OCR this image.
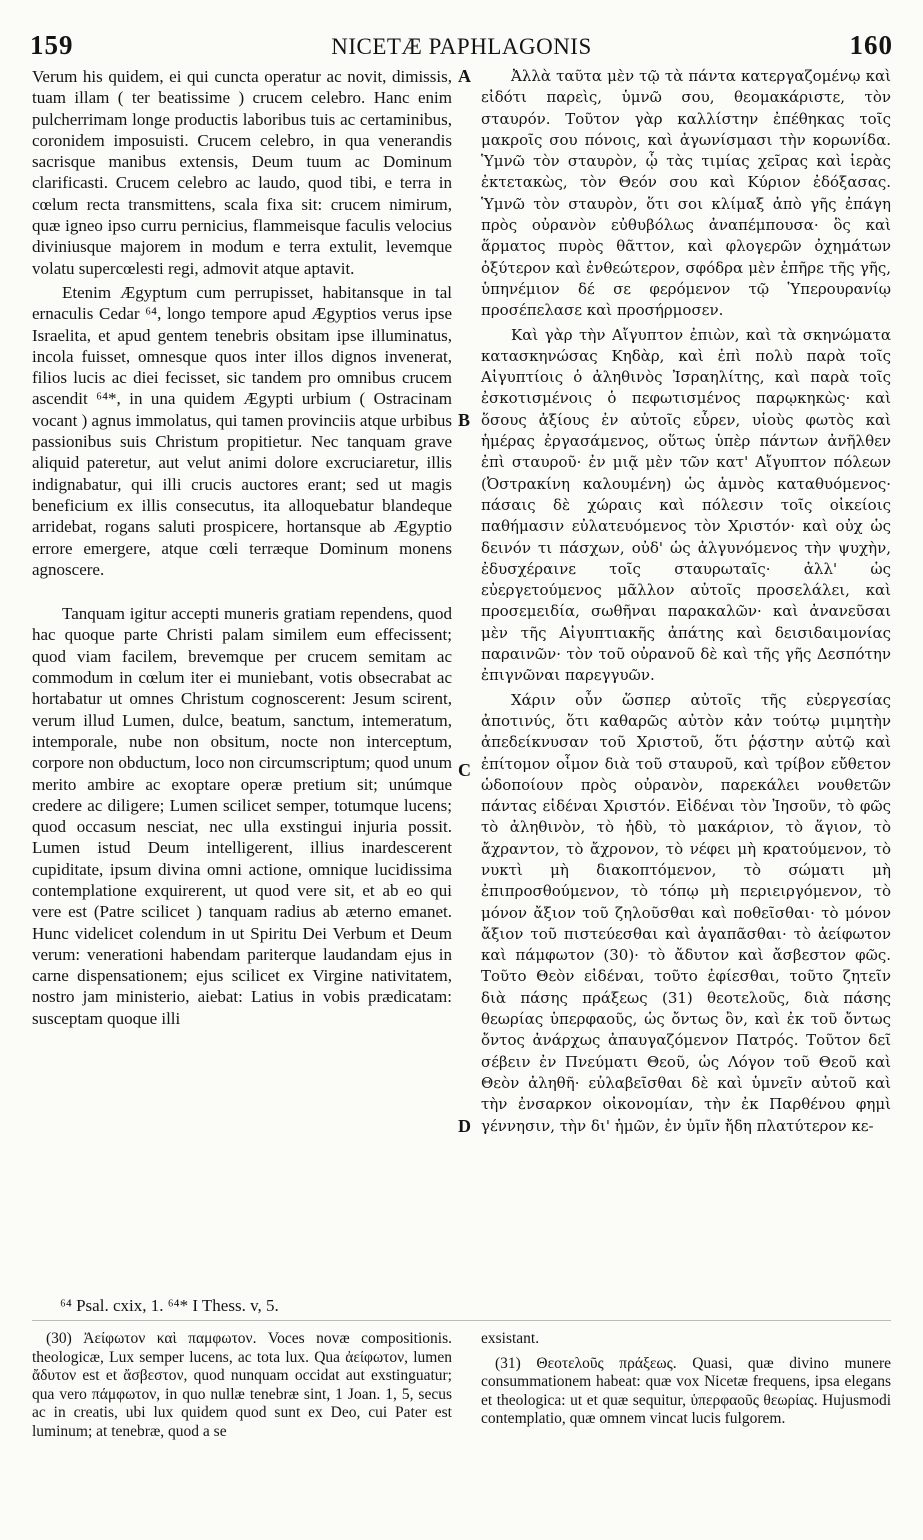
159	NICETÆ PAPHLAGONIS	160
A
B
C
D

Verum his quidem, ei qui cuncta operatur ac novit, dimissis, tuam illam ( ter beatissime ) crucem celebro. Hanc enim pulcherrimam longe productis laboribus tuis ac certaminibus, coronidem imposuisti. Crucem celebro, in qua venerandis sacrisque manibus extensis, Deum tuum ac Dominum clarificasti. Crucem celebro ac laudo, quod tibi, e terra in cœlum recta transmittens, scala fixa sit: crucem nimirum, quæ igneo ipso curru pernicius, flammeisque faculis velocius diviniusque majorem in modum e terra extulit, levemque volatu supercœlesti regi, admovit atque aptavit.

Etenim Ægyptum cum perrupisset, habitansque in tal ernaculis Cedar ⁶⁴, longo tempore apud Ægyptios verus ipse Israelita, et apud gentem tenebris obsitam ipse illuminatus, incola fuisset, omnesque quos inter illos dignos invenerat, filios lucis ac diei fecisset, sic tandem pro omnibus crucem ascendit ⁶⁴*, in una quidem Ægypti urbium ( Ostracinam vocant ) agnus immolatus, qui tamen provinciis atque urbibus passionibus suis Christum propitietur. Nec tanquam grave aliquid pateretur, aut velut animi dolore excruciaretur, illis indignabatur, qui illi crucis auctores erant; sed ut magis beneficium ex illis consecutus, ita alloquebatur blandeque arridebat, rogans saluti prospicere, hortansque ab Ægyptio errore emergere, atque cœli terræque Dominum monens agnoscere.

Tanquam igitur accepti muneris gratiam rependens, quod hac quoque parte Christi palam similem eum effecissent; quod viam facilem, brevemque per crucem semitam ac commodum in cœlum iter ei muniebant, votis obsecrabat ac hortabatur ut omnes Christum cognoscerent: Jesum scirent, verum illud Lumen, dulce, beatum, sanctum, intemeratum, intemporale, nube non obsitum, nocte non interceptum, corpore non obductum, loco non circumscriptum; quod unum merito ambire ac exoptare operæ pretium sit; unúmque credere ac diligere; Lumen scilicet semper, totumque lucens; quod occasum nesciat, nec ulla exstingui injuria possit. Lumen istud Deum intelligerent, illius inardescerent cupiditate, ipsum divina omni actione, omnique lucidissima contemplatione exquirerent, ut quod vere sit, et ab eo qui vere est (Patre scilicet ) tanquam radius ab æterno emanet. Hunc videlicet colendum in ut Spiritu Dei Verbum et Deum verum: venerationi habendam pariterque laudandam ejus in carne dispensationem; ejus scilicet ex Virgine nativitatem, nostro jam ministerio, aiebat: Latius in vobis prædicatam: susceptam quoque illi

Ἀλλὰ ταῦτα μὲν τῷ τὰ πάντα κατεργαζομένῳ καὶ εἰδότι παρεὶς, ὑμνῶ σου, θεομακάριστε, τὸν σταυρόν. Τοῦτον γὰρ καλλίστην ἐπέθηκας τοῖς μακροῖς σου πόνοις, καὶ ἀγωνίσμασι τὴν κορωνίδα. Ὑμνῶ τὸν σταυρὸν, ᾧ τὰς τιμίας χεῖρας καὶ ἱερὰς ἐκτετακὼς, τὸν Θεόν σου καὶ Κύριον ἐδόξασας. Ὑμνῶ τὸν σταυρὸν, ὅτι σοι κλίμαξ ἀπὸ γῆς ἐπάγη πρὸς οὐρανὸν εὐθυβόλως ἀναπέμπουσα· ὃς καὶ ἅρματος πυρὸς θᾶττον, καὶ φλογερῶν ὀχημάτων ὀξύτερον καὶ ἐνθεώτερον, σφόδρα μὲν ἐπῆρε τῆς γῆς, ὑπηνέμιον δέ σε φερόμενον τῷ Ὑπερουρανίῳ προσέπελασε καὶ προσήρμοσεν.

Καὶ γὰρ τὴν Αἴγυπτον ἐπιὼν, καὶ τὰ σκηνώματα κατασκηνώσας Κηδὰρ, καὶ ἐπὶ πολὺ παρὰ τοῖς Αἰγυπτίοις ὁ ἀληθινὸς Ἰσραηλίτης, καὶ παρὰ τοῖς ἐσκοτισμένοις ὁ πεφωτισμένος παρῳκηκὼς· καὶ ὅσους ἀξίους ἐν αὐτοῖς εὗρεν, υἱοὺς φωτὸς καὶ ἡμέρας ἐργασάμενος, οὕτως ὑπὲρ πάντων ἀνῆλθεν ἐπὶ σταυροῦ· ἐν μιᾷ μὲν τῶν κατ' Αἴγυπτον πόλεων (Ὀστρακίνη καλουμένη) ὡς ἀμνὸς καταθυόμενος· πάσαις δὲ χώραις καὶ πόλεσιν τοῖς οἰκείοις παθήμασιν εὐλατευόμενος τὸν Χριστόν· καὶ οὐχ ὡς δεινόν τι πάσχων, οὐδ' ὡς ἀλγυνόμενος τὴν ψυχὴν, ἐδυσχέραινε τοῖς σταυρωταῖς· ἀλλ' ὡς εὐεργετούμενος μᾶλλον αὐτοῖς προσελάλει, καὶ προσεμειδία, σωθῆναι παρακαλῶν· καὶ ἀνανεῦσαι μὲν τῆς Αἰγυπτιακῆς ἀπάτης καὶ δεισιδαιμονίας παραινῶν· τὸν τοῦ οὐρανοῦ δὲ καὶ τῆς γῆς Δεσπότην ἐπιγνῶναι παρεγγυῶν.

Χάριν οὖν ὥσπερ αὐτοῖς τῆς εὐεργεσίας ἀποτινύς, ὅτι καθαρῶς αὐτὸν κἀν τούτῳ μιμητὴν ἀπεδείκνυσαν τοῦ Χριστοῦ, ὅτι ῥᾴστην αὐτῷ καὶ ἐπίτομον οἶμον διὰ τοῦ σταυροῦ, καὶ τρίβον εὔθετον ὡδοποίουν πρὸς οὐρανὸν, παρεκάλει νουθετῶν πάντας εἰδέναι Χριστόν. Εἰδέναι τὸν Ἰησοῦν, τὸ φῶς τὸ ἀληθινὸν, τὸ ἡδὺ, τὸ μακάριον, τὸ ἅγιον, τὸ ἄχραντον, τὸ ἄχρονον, τὸ νέφει μὴ κρατούμενον, τὸ νυκτὶ μὴ διακοπτόμενον, τὸ σώματι μὴ ἐπιπροσθούμενον, τὸ τόπῳ μὴ περιειργόμενον, τὸ μόνον ἄξιον τοῦ ζηλοῦσθαι καὶ ποθεῖσθαι· τὸ μόνον ἄξιον τοῦ πιστεύεσθαι καὶ ἀγαπᾶσθαι· τὸ ἀείφωτον καὶ πάμφωτον (30)· τὸ ἄδυτον καὶ ἄσβεστον φῶς. Τοῦτο Θεὸν εἰδέναι, τοῦτο ἐφίεσθαι, τοῦτο ζητεῖν διὰ πάσης πράξεως (31) θεοτελοῦς, διὰ πάσης θεωρίας ὑπερφαοῦς, ὡς ὄντως ὂν, καὶ ἐκ τοῦ ὄντως ὄντος ἀνάρχως ἀπαυγαζόμενον Πατρός. Τοῦτον δεῖ σέβειν ἐν Πνεύματι Θεοῦ, ὡς Λόγον τοῦ Θεοῦ καὶ Θεὸν ἀληθῆ· εὐλαβεῖσθαι δὲ καὶ ὑμνεῖν αὐτοῦ καὶ τὴν ἐνσαρκον οἰκονομίαν, τὴν ἐκ Παρθένου φημὶ γέννησιν, τὴν δι' ἡμῶν, ἐν ὑμῖν ἤδη πλατύτερον κε-

⁶⁴ Psal. cxix, 1. ⁶⁴* I Thess. v, 5.

(30) Ἀείφωτον καὶ παμφωτον. Voces novæ compositionis. theologicæ, Lux semper lucens, ac tota lux. Qua ἀείφωτον, lumen ἄδυτον est et ἄσβεστον, quod nunquam occidat aut exstinguatur; qua vero πάμφωτον, in quo nullæ tenebræ sint, 1 Joan. 1, 5, secus ac in creatis, ubi lux quidem quod sunt ex Deo, cui Pater est luminum; at tenebræ, quod a se

exsistant.

(31) Θεοτελοῦς πράξεως. Quasi, quæ divino munere consummationem habeat: quæ vox Nicetæ frequens, ipsa elegans et theologica: ut et quæ sequitur, ὑπερφαοῦς θεωρίας. Hujusmodi contemplatio, quæ omnem vincat lucis fulgorem.
